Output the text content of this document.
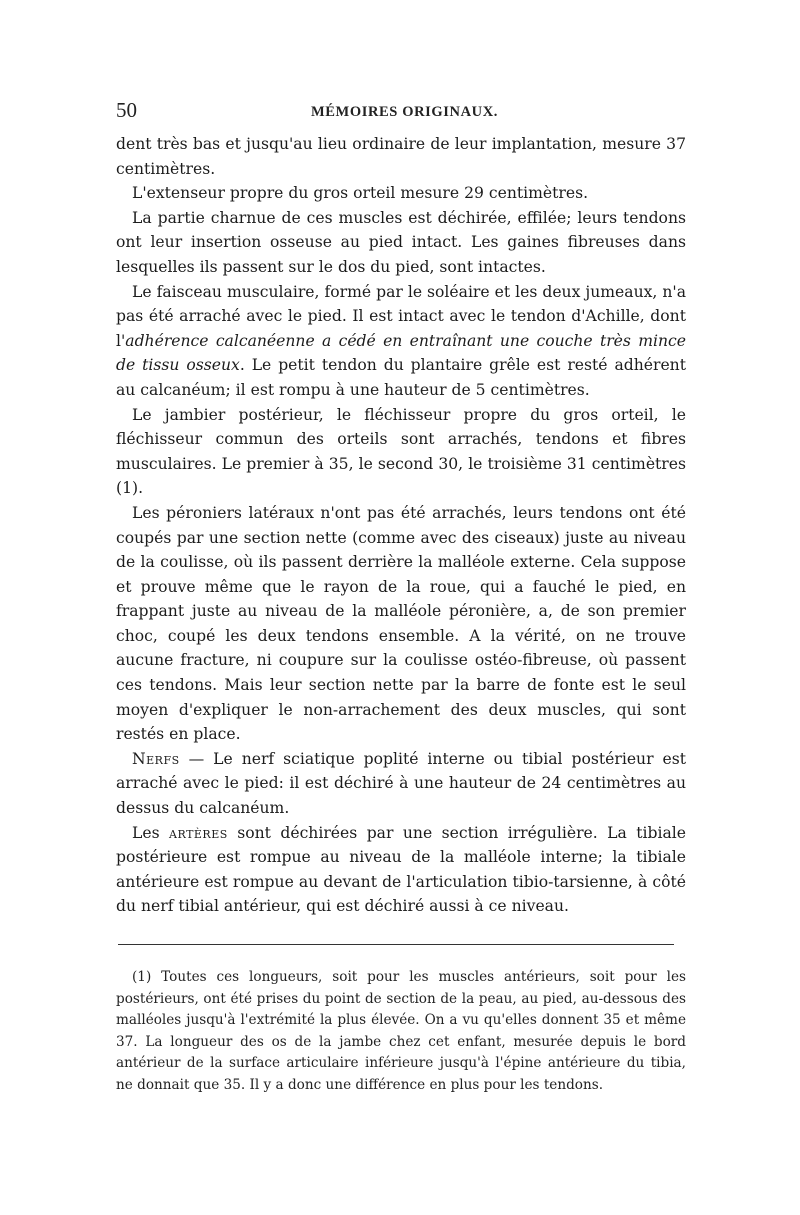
50	MÉMOIRES ORIGINAUX.

dent très bas et jusqu'au lieu ordinaire de leur implantation, mesure 37 centimètres.

L'extenseur propre du gros orteil mesure 29 centimètres.

La partie charnue de ces muscles est déchirée, effilée; leurs tendons ont leur insertion osseuse au pied intact. Les gaines fibreuses dans lesquelles ils passent sur le dos du pied, sont intactes.

Le faisceau musculaire, formé par le soléaire et les deux jumeaux, n'a pas été arraché avec le pied. Il est intact avec le tendon d'Achille, dont l'adhérence calcanéenne a cédé en entraînant une couche très mince de tissu osseux. Le petit tendon du plantaire grêle est resté adhérent au calcanéum; il est rompu à une hauteur de 5 centimètres.

Le jambier postérieur, le fléchisseur propre du gros orteil, le fléchisseur commun des orteils sont arrachés, tendons et fibres musculaires. Le premier à 35, le second 30, le troisième 31 centimètres (1).

Les péroniers latéraux n'ont pas été arrachés, leurs tendons ont été coupés par une section nette (comme avec des ciseaux) juste au niveau de la coulisse, où ils passent derrière la malléole externe. Cela suppose et prouve même que le rayon de la roue, qui a fauché le pied, en frappant juste au niveau de la malléole péronière, a, de son premier choc, coupé les deux tendons ensemble. A la vérité, on ne trouve aucune fracture, ni coupure sur la coulisse ostéo-fibreuse, où passent ces tendons. Mais leur section nette par la barre de fonte est le seul moyen d'expliquer le non-arrachement des deux muscles, qui sont restés en place.

Nerfs — Le nerf sciatique poplité interne ou tibial postérieur est arraché avec le pied: il est déchiré à une hauteur de 24 centimètres au dessus du calcanéum.

Les artères sont déchirées par une section irrégulière. La tibiale postérieure est rompue au niveau de la malléole interne; la tibiale antérieure est rompue au devant de l'articulation tibio-tarsienne, à côté du nerf tibial antérieur, qui est déchiré aussi à ce niveau.

(1) Toutes ces longueurs, soit pour les muscles antérieurs, soit pour les postérieurs, ont été prises du point de section de la peau, au pied, au-dessous des malléoles jusqu'à l'extrémité la plus élevée. On a vu qu'elles donnent 35 et même 37. La longueur des os de la jambe chez cet enfant, mesurée depuis le bord antérieur de la surface articulaire inférieure jusqu'à l'épine antérieure du tibia, ne donnait que 35. Il y a donc une différence en plus pour les tendons.
